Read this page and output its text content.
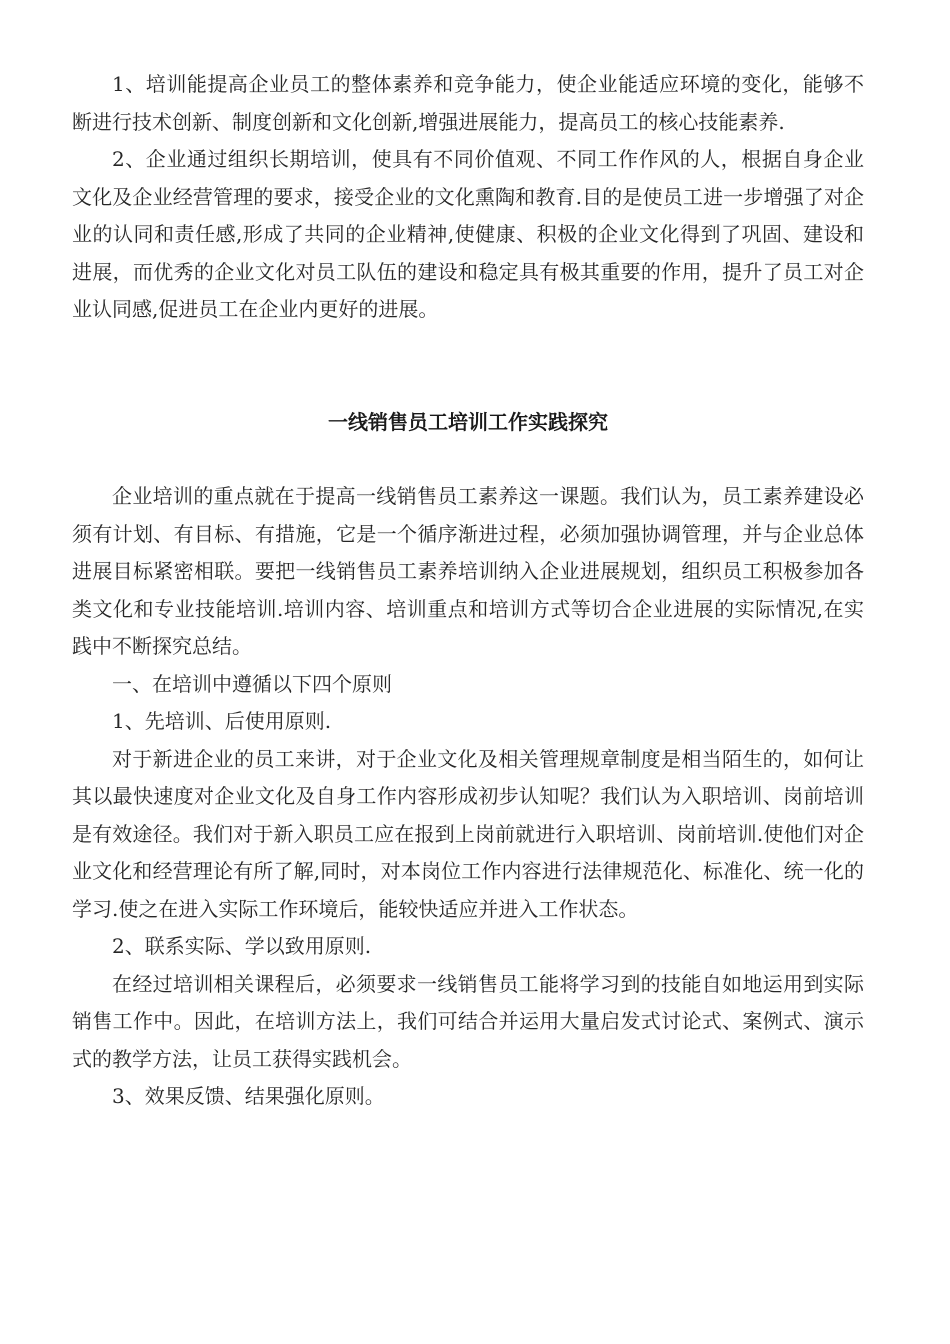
1、培训能提高企业员工的整体素养和竞争能力，使企业能适应环境的变化，能够不断进行技术创新、制度创新和文化创新,增强进展能力，提高员工的核心技能素养.

2、企业通过组织长期培训，使具有不同价值观、不同工作作风的人，根据自身企业文化及企业经营管理的要求，接受企业的文化熏陶和教育.目的是使员工进一步增强了对企业的认同和责任感,形成了共同的企业精神,使健康、积极的企业文化得到了巩固、建设和进展，而优秀的企业文化对员工队伍的建设和稳定具有极其重要的作用，提升了员工对企业认同感,促进员工在企业内更好的进展。

一线销售员工培训工作实践探究

企业培训的重点就在于提高一线销售员工素养这一课题。我们认为，员工素养建设必须有计划、有目标、有措施，它是一个循序渐进过程，必须加强协调管理，并与企业总体进展目标紧密相联。要把一线销售员工素养培训纳入企业进展规划，组织员工积极参加各类文化和专业技能培训.培训内容、培训重点和培训方式等切合企业进展的实际情况,在实践中不断探究总结。

一、在培训中遵循以下四个原则

1、先培训、后使用原则.

对于新进企业的员工来讲，对于企业文化及相关管理规章制度是相当陌生的，如何让其以最快速度对企业文化及自身工作内容形成初步认知呢？我们认为入职培训、岗前培训是有效途径。我们对于新入职员工应在报到上岗前就进行入职培训、岗前培训.使他们对企业文化和经营理论有所了解,同时，对本岗位工作内容进行法律规范化、标准化、统一化的学习.使之在进入实际工作环境后，能较快适应并进入工作状态。

2、联系实际、学以致用原则.

在经过培训相关课程后，必须要求一线销售员工能将学习到的技能自如地运用到实际销售工作中。因此，在培训方法上，我们可结合并运用大量启发式讨论式、案例式、演示式的教学方法，让员工获得实践机会。

3、效果反馈、结果强化原则。
